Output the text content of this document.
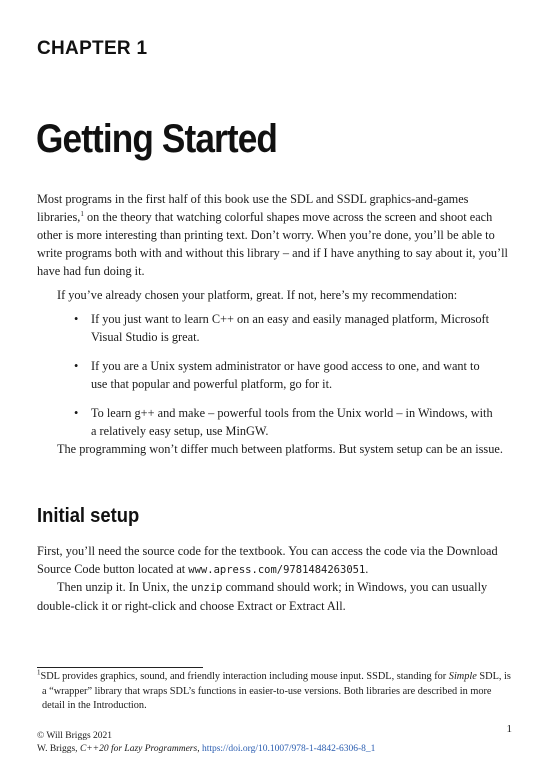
CHAPTER 1
Getting Started

Most programs in the first half of this book use the SDL and SSDL graphics-and-games libraries,$^1$ on the theory that watching colorful shapes move across the screen and shoot each other is more interesting than printing text. Don’t worry. When you’re done, you’ll be able to write programs both with and without this library – and if I have anything to say about it, you’ll have had fun doing it.

If you’ve already chosen your platform, great. If not, here’s my recommendation:

• If you just want to learn C++ on an easy and easily managed platform, Microsoft Visual Studio is great.
• If you are a Unix system administrator or have good access to one, and want to use that popular and powerful platform, go for it.
• To learn g++ and make – powerful tools from the Unix world – in Windows, with a relatively easy setup, use MinGW.

The programming won’t differ much between platforms. But system setup can be an issue.

Initial setup

First, you’ll need the source code for the textbook. You can access the code via the Download Source Code button located at www.apress.com/9781484263051.

Then unzip it. In Unix, the unzip command should work; in Windows, you can usually double-click it or right-click and choose Extract or Extract All.

$^1$SDL provides graphics, sound, and friendly interaction including mouse input. SSDL, standing for Simple SDL, is a “wrapper” library that wraps SDL’s functions in easier-to-use versions. Both libraries are described in more detail in the Introduction.

1
© Will Briggs 2021
W. Briggs, C++20 for Lazy Programmers, https://doi.org/10.1007/978-1-4842-6306-8_1
